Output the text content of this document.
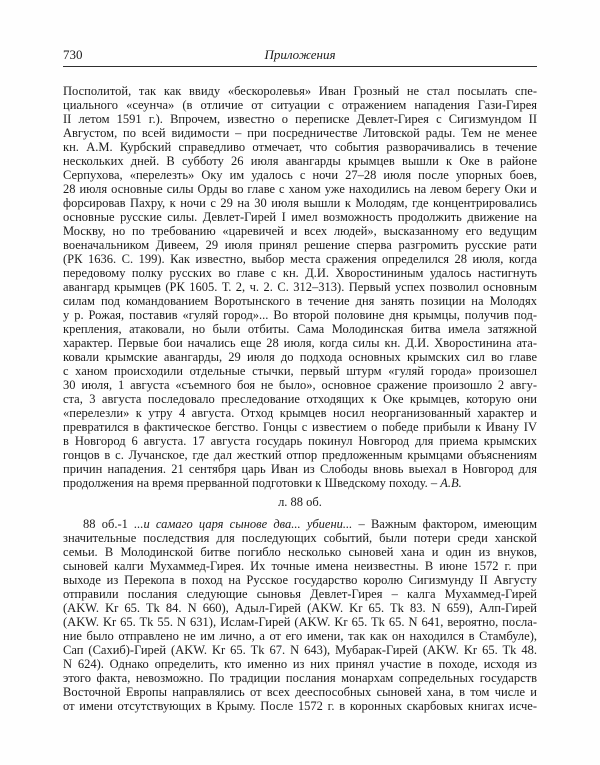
730	Приложения
Посполитой, так как ввиду «бескоролевья» Иван Грозный не стал посылать спе-
циального «сеунча» (в отличие от ситуации с отражением нападения Гази-Гирея
II летом 1591 г.). Впрочем, известно о переписке Девлет-Гирея с Сигизмундом II
Августом, по всей видимости – при посредничестве Литовской рады. Тем не менее
кн. А.М. Курбский справедливо отмечает, что события разворачивались в течение
нескольких дней. В субботу 26 июля авангарды крымцев вышли к Оке в районе
Серпухова, «перелезть» Оку им удалось с ночи 27–28 июля после упорных боев,
28 июля основные силы Орды во главе с ханом уже находились на левом берегу Оки и
форсировав Пахру, к ночи с 29 на 30 июля вышли к Молодям, где концентрировались
основные русские силы. Девлет-Гирей I имел возможность продолжить движение на
Москву, но по требованию «царевичей и всех людей», высказанному его ведущим
военачальником Дивеем, 29 июля принял решение сперва разгромить русские рати
(РК 1636. С. 199). Как известно, выбор места сражения определился 28 июля, когда
передовому полку русских во главе с кн. Д.И. Хворостининым удалось настигнуть
авангард крымцев (РК 1605. Т. 2, ч. 2. С. 312–313). Первый успех позволил основным
силам под командованием Воротынского в течение дня занять позиции на Молодях
у р. Рожая, поставив «гуляй город»... Во второй половине дня крымцы, получив под-
крепления, атаковали, но были отбиты. Сама Молодинская битва имела затяжной
характер. Первые бои начались еще 28 июля, когда силы кн. Д.И. Хворостинина ата-
ковали крымские авангарды, 29 июля до подхода основных крымских сил во главе
с ханом происходили отдельные стычки, первый штурм «гуляй города» произошел
30 июля, 1 августа «съемного боя не было», основное сражение произошло 2 авгу-
ста, 3 августа последовало преследование отходящих к Оке крымцев, которую они
«перелезли» к утру 4 августа. Отход крымцев носил неорганизованный характер и
превратился в фактическое бегство. Гонцы с известием о победе прибыли к Ивану IV
в Новгород 6 августа. 17 августа государь покинул Новгород для приема крымских
гонцов в с. Лучанское, где дал жесткий отпор предложенным крымцами объяснениям
причин нападения. 21 сентября царь Иван из Слободы вновь выехал в Новгород для
продолжения на время прерванной подготовки к Шведскому походу. – А.В.
л. 88 об.
88 об.-1 ...и самаго царя сынове два... убиени... – Важным фактором, имеющим
значительные последствия для последующих событий, были потери среди ханской
семьи. В Молодинской битве погибло несколько сыновей хана и один из внуков,
сыновей калги Мухаммед-Гирея. Их точные имена неизвестны. В июне 1572 г. при
выходе из Перекопа в поход на Русское государство королю Сигизмунду II Августу
отправили послания следующие сыновья Девлет-Гирея – калга Мухаммед-Гирей
(AKW. Kr 65. Tk 84. N 660), Адыл-Гирей (AKW. Kr 65. Tk 83. N 659), Алп-Гирей
(AKW. Kr 65. Tk 55. N 631), Ислам-Гирей (AKW. Kr 65. Tk 65. N 641, вероятно, посла-
ние было отправлено не им лично, а от его имени, так как он находился в Стамбуле),
Сап (Сахиб)-Гирей (AKW. Kr 65. Tk 67. N 643), Мубарак-Гирей (AKW. Kr 65. Tk 48.
N 624). Однако определить, кто именно из них принял участие в походе, исходя из
этого факта, невозможно. По традиции послания монархам сопредельных государств
Восточной Европы направлялись от всех дееспособных сыновей хана, в том числе и
от имени отсутствующих в Крыму. После 1572 г. в коронных скарбовых книгах исче-
